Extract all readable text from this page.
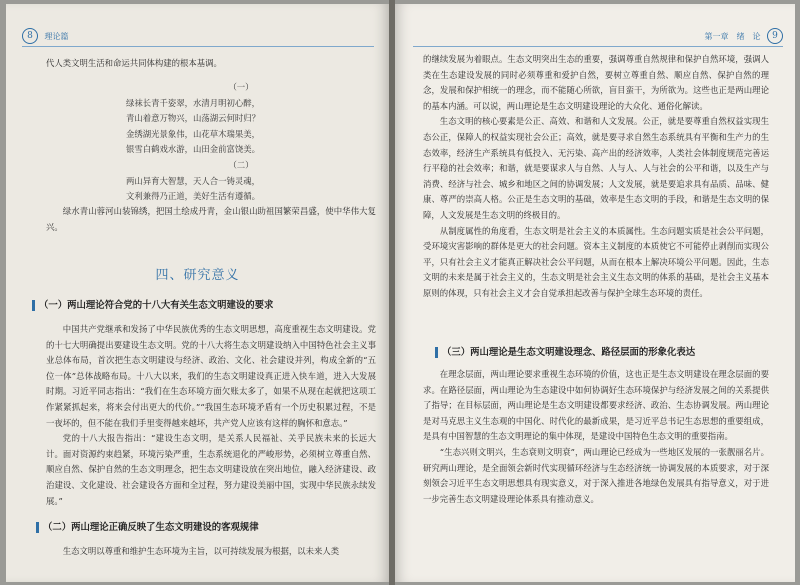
8 理论篇

代人类文明生活和命运共同体构建的根本基调。

（一）
绿袜长青千姿翠，水清月明初心醉，
青山着意万物兴，山荡湖云何时归？
金绣湖光景象伟，山花草木瑞果美，
银雪白鹤戏水游，山田金前富饶美。
（二）
两山异育大智慧，天人合一铸灵魂，
文利兼得乃正道，美好生活有遵循。

绿水青山蓉河山装锦绣，把国土绘成丹青，金山银山助祖国繁荣昌盛，使中华伟大复兴。

四、研究意义
（一）两山理论符合党的十八大有关生态文明建设的要求

中国共产党继承和发扬了中华民族优秀的生态文明思想，高度重视生态文明建设。党的十七大明确提出要建设生态文明。党的十八大将生态文明建设纳入中国特色社会主义事业总体布局，首次把生态文明建设与经济、政治、文化、社会建设并列，构成全新的“五位一体”总体战略布局。十八大以来，我们的生态文明建设真正进入快车道，进入大发展时期。习近平同志指出：“我们在生态环境方面欠账太多了，如果不从现在起就把这项工作紧紧抓起来，将来会付出更大的代价。”“我国生态环境矛盾有一个历史积累过程，不是一夜坏的，但不能在我们手里变得越来越坏，共产党人应该有这样的胸怀和意志。”

党的十八大报告指出：“建设生态文明，是关系人民福祉、关乎民族未来的长远大计。面对资源约束趋紧，环境污染严重，生态系统退化的严峻形势，必须树立尊重自然、顺应自然、保护自然的生态文明理念，把生态文明建设放在突出地位，融入经济建设、政治建设、文化建设、社会建设各方面和全过程，努力建设美丽中国，实现中华民族永续发展。”

（二）两山理论正确反映了生态文明建设的客观规律

生态文明以尊重和维护生态环境为主旨，以可持续发展为根据，以未来人类

第一章　绪　论 9

的继续发展为着眼点。生态文明突出生态的重要，强调尊重自然规律和保护自然环境，强调人类在生态建设发展的同时必须尊重和爱护自然，要树立尊重自然、顺应自然、保护自然的理念，发展和保护相统一的理念，而不能随心所欲，盲目蛮干，为所欲为。这些也正是两山理论的基本内涵。可以说，两山理论是生态文明建设理论的大众化、通俗化解读。

生态文明的核心要素是公正、高效、和谐和人文发展。公正，就是要尊重自然权益实现生态公正，保障人的权益实现社会公正；高效，就是要寻求自然生态系统具有平衡和生产力的生态效率，经济生产系统具有低投入、无污染、高产出的经济效率，人类社会体制度规范完善运行平稳的社会效率；和谐，就是要谋求人与自然、人与人、人与社会的公平和谐，以及生产与消费、经济与社会、城乡和地区之间的协调发展；人文发展，就是要追求具有品质、品味、健康、尊严的崇高人格。公正是生态文明的基础，效率是生态文明的手段，和谐是生态文明的保障，人文发展是生态文明的终极目的。

从制度属性的角度看，生态文明是社会主义的本质属性。生态问题实质是社会公平问题，受环境灾害影响的群体是更大的社会问题。资本主义制度的本质使它不可能停止剥削而实现公平，只有社会主义才能真正解决社会公平问题，从而在根本上解决环境公平问题。因此，生态文明的未来是属于社会主义的，生态文明是社会主义生态文明的体系的基础，是社会主义基本原则的体现，只有社会主义才会自觉承担起改善与保护全球生态环境的责任。

（三）两山理论是生态文明建设理念、路径层面的形象化表达

在理念层面，两山理论要求重视生态环境的价值，这也正是生态文明建设在理念层面的要求。在路径层面，两山理论为生态建设中如何协调好生态环境保护与经济发展之间的关系提供了指导；在目标层面，两山理论是生态文明建设都要求经济、政治、生态协调发展。两山理论是对马克思主义生态观的中国化、时代化的最新成果，是习近平总书记生态思想的重要组成，是具有中国智慧的生态文明理论的集中体现，是建设中国特色生态文明的重要指南。

“生态兴则文明兴，生态衰则文明衰”，两山理论已经成为一些地区发展的一张靓丽名片。研究两山理论，是全面领会新时代实现循环经济与生态经济统一协调发展的本质要求，对于深刻领会习近平生态文明思想具有现实意义，对于深入推进各地绿色发展具有指导意义，对于进一步完善生态文明建设理论体系具有推动意义。
